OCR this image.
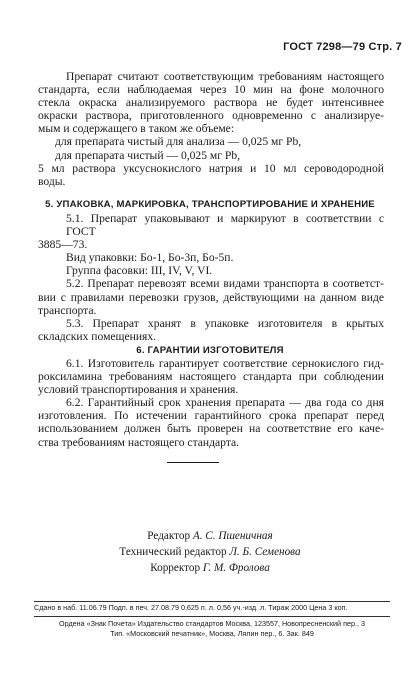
ГОСТ 7298—79 Стр. 7
Препарат считают соответствующим требованиям настоящего
стандарта, если наблюдаемая через 10 мин на фоне молочного
стекла окраска анализируемого раствора не будет интенсивнее
окраски раствора, приготовленного одновременно с анализируе-
мым и содержащего в таком же объеме:
для препарата чистый для анализа — 0,025 мг Pb,
для препарата чистый — 0,025 мг Pb,
5 мл раствора уксуснокислого натрия и 10 мл сероводородной
воды.
5. УПАКОВКА, МАРКИРОВКА, ТРАНСПОРТИРОВАНИЕ И ХРАНЕНИЕ
5.1. Препарат упаковывают и маркируют в соответствии с ГОСТ
3885—73.
Вид упаковки: Бо-1, Бо-3п, Бо-5п.
Группа фасовки: III, IV, V, VI.
5.2. Препарат перевозят всеми видами транспорта в соответст-
вии с правилами перевозки грузов, действующими на данном виде
транспорта.
5.3. Препарат хранят в упаковке изготовителя в крытых
складских помещениях.
6. ГАРАНТИИ ИЗГОТОВИТЕЛЯ
6.1. Изготовитель гарантирует соответствие сернокислого гид-
роксиламина требованиям настоящего стандарта при соблюдении
условий транспортирования и хранения.
6.2. Гарантийный срок хранения препарата — два года со дня
изготовления. По истечении гарантийного срока препарат перед
использованием должен быть проверен на соответствие его каче-
ства требованиям настоящего стандарта.
Редактор А. С. Пшеничная
Технический редактор Л. Б. Семенова
Корректор Г. М. Фролова
Сдано в наб. 11.06.79 Подп. в печ. 27.08.79 0,625 п. л. 0,56 уч.-изд. л. Тираж 2000 Цена 3 коп.
Ордена «Знак Почета» Издательство стандартов Москва, 123557, Новопресненский пер., 3
Тип. «Московский печатник», Москва, Лялин пер., 6. Зак. 849
